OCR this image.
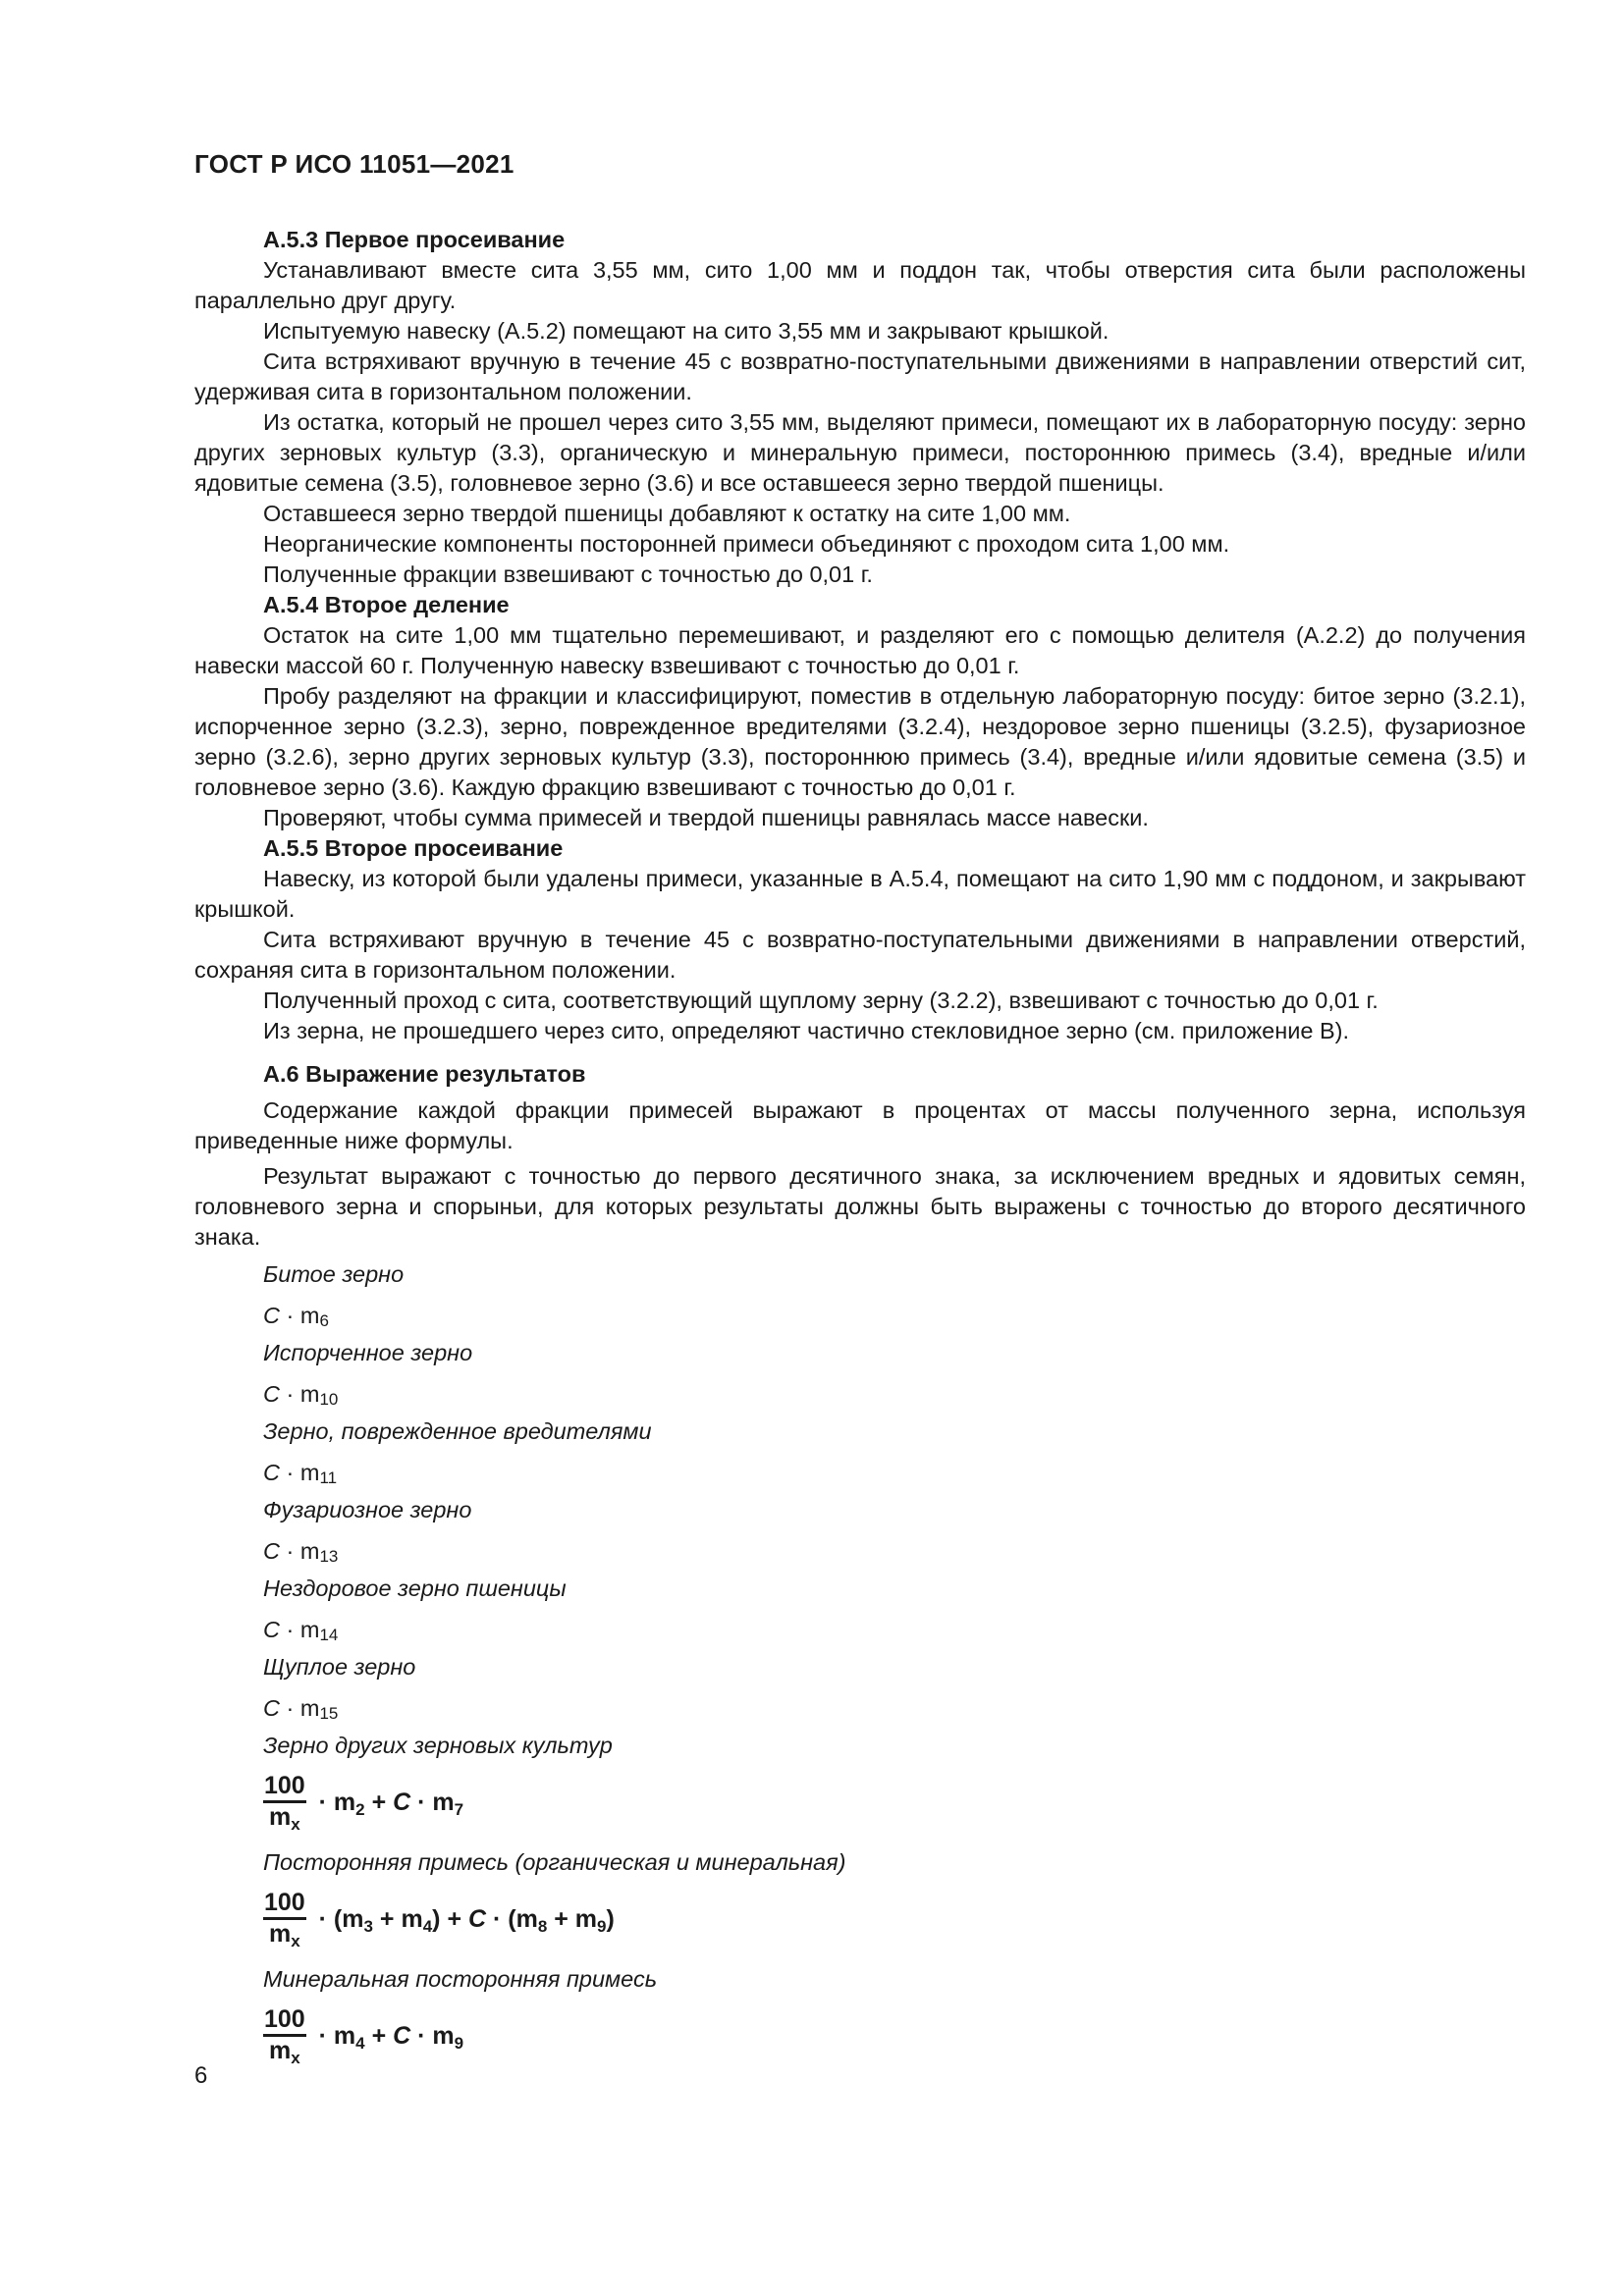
ГОСТ Р ИСО 11051—2021
А.5.3 Первое просеивание

Устанавливают вместе сита 3,55 мм, сито 1,00 мм и поддон так, чтобы отверстия сита были расположены параллельно друг другу.

Испытуемую навеску (А.5.2) помещают на сито 3,55 мм и закрывают крышкой.

Сита встряхивают вручную в течение 45 с возвратно-поступательными движениями в направлении отверстий сит, удерживая сита в горизонтальном положении.

Из остатка, который не прошел через сито 3,55 мм, выделяют примеси, помещают их в лабораторную посуду: зерно других зерновых культур (3.3), органическую и минеральную примеси, постороннюю примесь (3.4), вредные и/или ядовитые семена (3.5), головневое зерно (3.6) и все оставшееся зерно твердой пшеницы.

Оставшееся зерно твердой пшеницы добавляют к остатку на сите 1,00 мм.

Неорганические компоненты посторонней примеси объединяют с проходом сита 1,00 мм.

Полученные фракции взвешивают с точностью до 0,01 г.

А.5.4 Второе деление

Остаток на сите 1,00 мм тщательно перемешивают, и разделяют его с помощью делителя (А.2.2) до получения навески массой 60 г. Полученную навеску взвешивают с точностью до 0,01 г.

Пробу разделяют на фракции и классифицируют, поместив в отдельную лабораторную посуду: битое зерно (3.2.1), испорченное зерно (3.2.3), зерно, поврежденное вредителями (3.2.4), нездоровое зерно пшеницы (3.2.5), фузариозное зерно (3.2.6), зерно других зерновых культур (3.3), постороннюю примесь (3.4), вредные и/или ядовитые семена (3.5) и головневое зерно (3.6). Каждую фракцию взвешивают с точностью до 0,01 г.

Проверяют, чтобы сумма примесей и твердой пшеницы равнялась массе навески.

А.5.5 Второе просеивание

Навеску, из которой были удалены примеси, указанные в А.5.4, помещают на сито 1,90 мм с поддоном, и закрывают крышкой.

Сита встряхивают вручную в течение 45 с возвратно-поступательными движениями в направлении отверстий, сохраняя сита в горизонтальном положении.

Полученный проход с сита, соответствующий щуплому зерну (3.2.2), взвешивают с точностью до 0,01 г.

Из зерна, не прошедшего через сито, определяют частично стекловидное зерно (см. приложение В).

А.6 Выражение результатов

Содержание каждой фракции примесей выражают в процентах от массы полученного зерна, используя приведенные ниже формулы.

Результат выражают с точностью до первого десятичного знака, за исключением вредных и ядовитых семян, головневого зерна и спорыньи, для которых результаты должны быть выражены с точностью до второго десятичного знака.

Битое зерно
$C \cdot m_6$
Испорченное зерно
$C \cdot m_{10}$
Зерно, поврежденное вредителями
$C \cdot m_{11}$
Фузариозное зерно
$C \cdot m_{13}$
Нездоровое зерно пшеницы
$C \cdot m_{14}$
Щуплое зерно
$C \cdot m_{15}$
Зерно других зерновых культур
$\frac{100}{m_x} \cdot m_2 + C \cdot m_7$
Посторонняя примесь (органическая и минеральная)
$\frac{100}{m_x} \cdot (m_3 + m_4) + C \cdot (m_8 + m_9)$
Минеральная посторонняя примесь
$\frac{100}{m_x} \cdot m_4 + C \cdot m_9$
6
